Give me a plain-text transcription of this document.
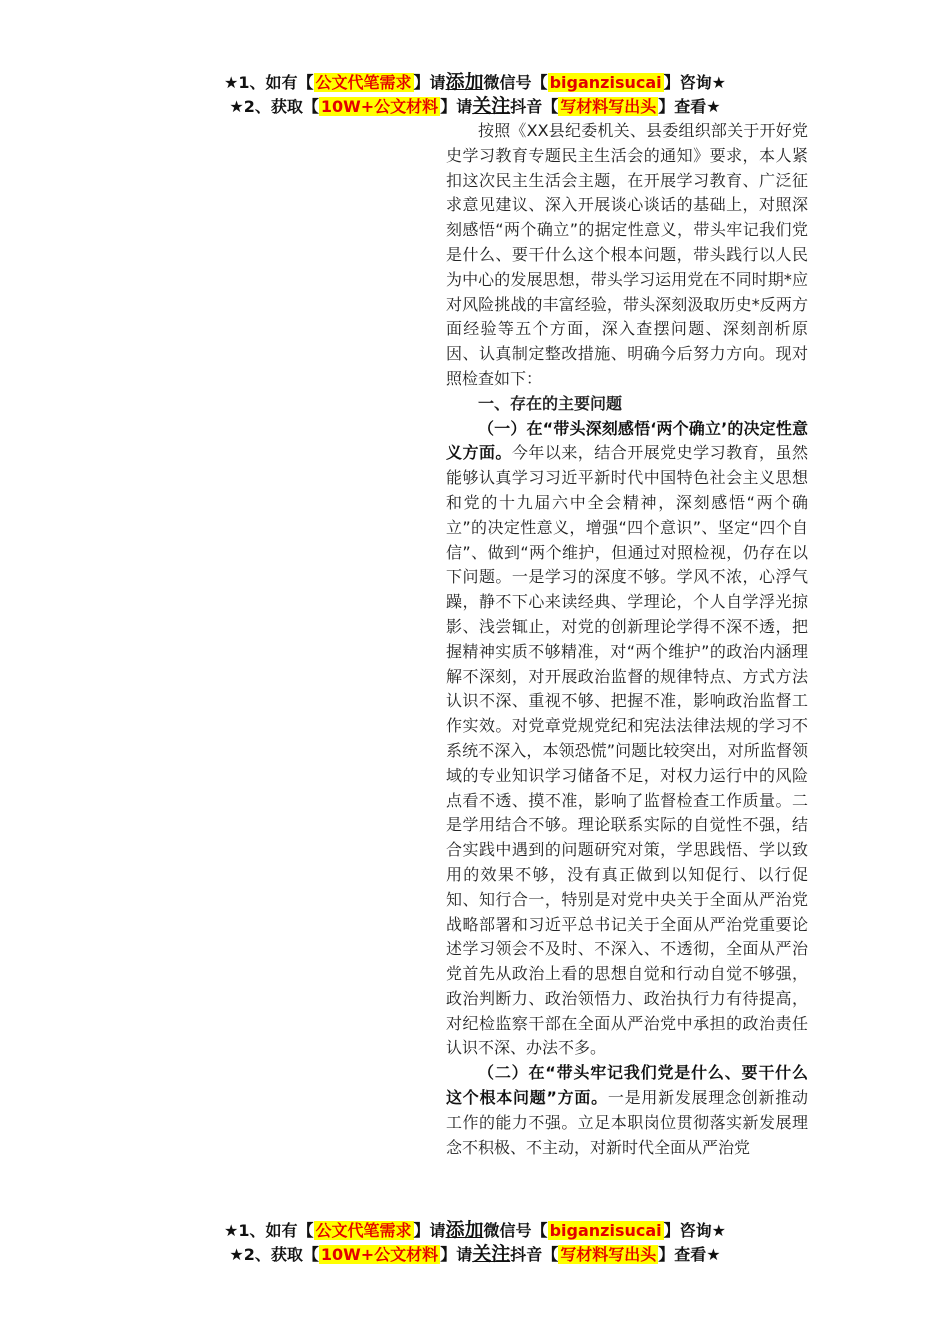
★1、如有【 公文代笔需求 】请添加微信号【 biganzisucai 】咨询★
★2、获取【 10W+公文材料 】请关注抖音【 写材料写出头 】查看★

按照《XX县纪委机关、县委组织部关于开好党史学习教育专题民主生活会的通知》要求，本人紧扣这次民主生活会主题，在开展学习教育、广泛征求意见建议、深入开展谈心谈话的基础上，对照深刻感悟“两个确立”的据定性意义，带头牢记我们党是什么、要干什么这个根本问题，带头践行以人民为中心的发展思想，带头学习运用党在不同时期*应对风险挑战的丰富经验，带头深刻汲取历史*反两方面经验等五个方面，深入查摆问题、深刻剖析原因、认真制定整改措施、明确今后努力方向。现对照检查如下：

一、存在的主要问题

（一）在“带头深刻感悟‘两个确立’的决定性意义方面。今年以来，结合开展党史学习教育，虽然能够认真学习习近平新时代中国特色社会主义思想和党的十九届六中全会精神，深刻感悟“两个确立”的决定性意义，增强“四个意识”、坚定“四个自信”、做到“两个维护，但通过对照检视，仍存在以下问题。一是学习的深度不够。学风不浓，心浮气躁，静不下心来读经典、学理论，个人自学浮光掠影、浅尝辄止，对党的创新理论学得不深不透，把握精神实质不够精准，对“两个维护”的政治内涵理解不深刻，对开展政治监督的规律特点、方式方法认识不深、重视不够、把握不准，影响政治监督工作实效。对党章党规党纪和宪法法律法规的学习不系统不深入，本领恐慌”问题比较突出，对所监督领域的专业知识学习储备不足，对权力运行中的风险点看不透、摸不准，影响了监督检查工作质量。二是学用结合不够。理论联系实际的自觉性不强，结合实践中遇到的问题研究对策，学思践悟、学以致用的效果不够，没有真正做到以知促行、以行促知、知行合一，特别是对党中央关于全面从严治党战略部署和习近平总书记关于全面从严治党重要论述学习领会不及时、不深入、不透彻，全面从严治党首先从政治上看的思想自觉和行动自觉不够强，政治判断力、政治领悟力、政治执行力有待提高，对纪检监察干部在全面从严治党中承担的政治责任认识不深、办法不多。

（二）在“带头牢记我们党是什么、要干什么这个根本问题”方面。一是用新发展理念创新推动工作的能力不强。立足本职岗位贯彻落实新发展理念不积极、不主动，对新时代全面从严治党

★1、如有【 公文代笔需求 】请添加微信号【 biganzisucai 】咨询★
★2、获取【 10W+公文材料 】请关注抖音【 写材料写出头 】查看★
